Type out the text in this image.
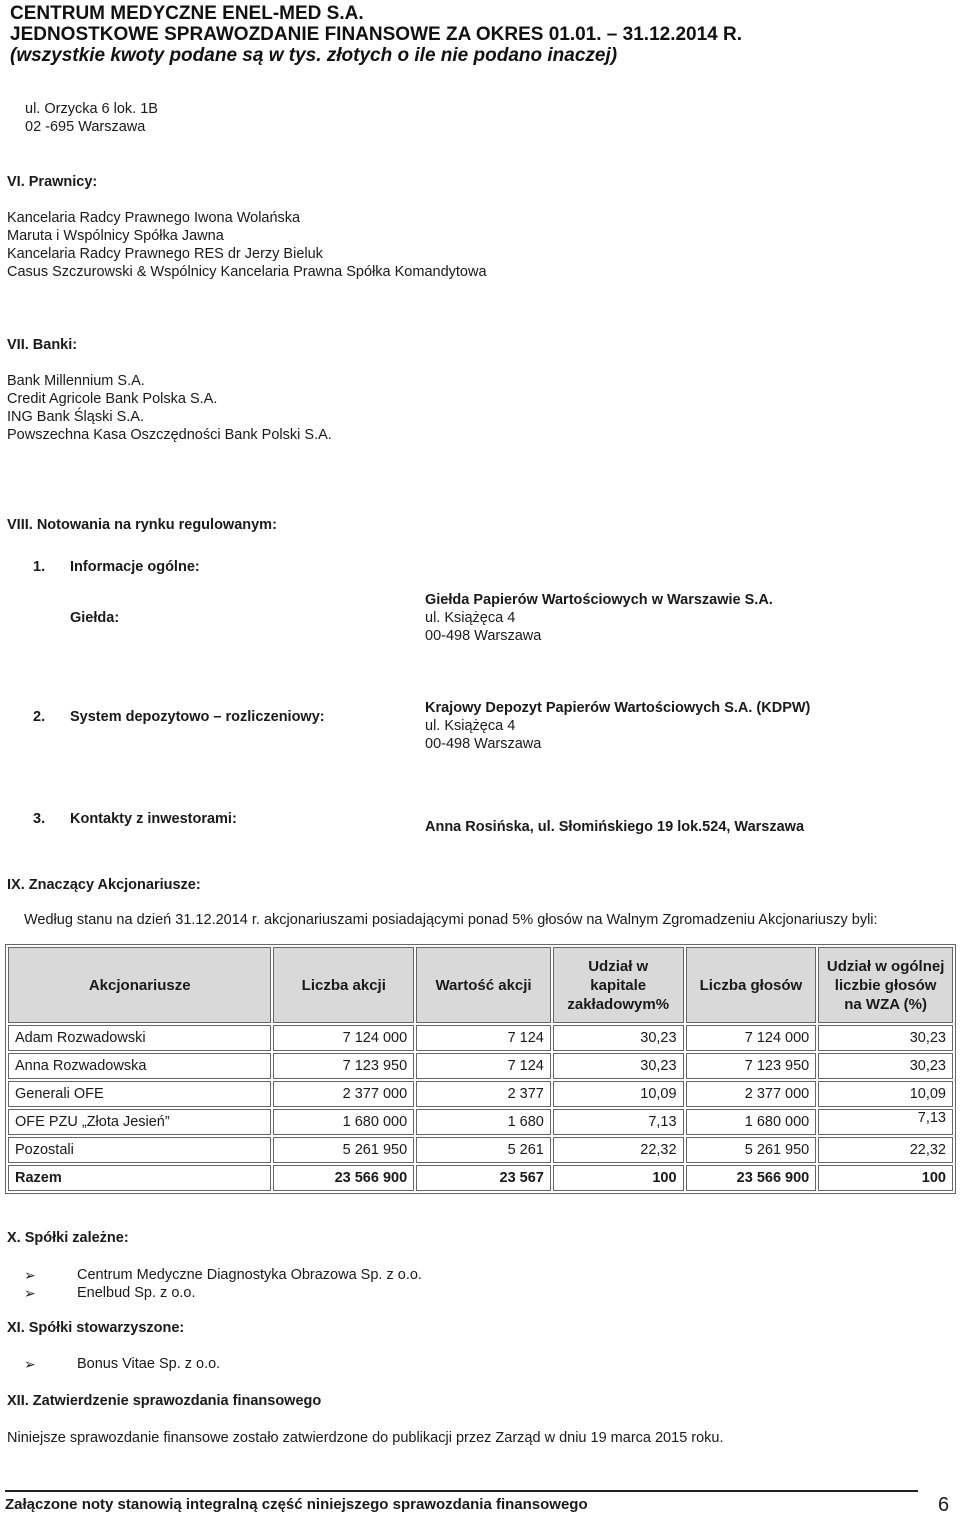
CENTRUM MEDYCZNE ENEL-MED S.A.
JEDNOSTKOWE SPRAWOZDANIE FINANSOWE ZA OKRES 01.01. – 31.12.2014 R.
(wszystkie kwoty podane są w tys. złotych o ile nie podano inaczej)
ul. Orzycka 6 lok. 1B
02 -695 Warszawa
VI. Prawnicy:
Kancelaria Radcy Prawnego Iwona Wolańska
Maruta i Wspólnicy Spółka Jawna
Kancelaria Radcy Prawnego RES dr Jerzy Bieluk
Casus Szczurowski & Wspólnicy Kancelaria Prawna Spółka Komandytowa
VII. Banki:
Bank Millennium S.A.
Credit Agricole Bank Polska S.A.
ING Bank Śląski S.A.
Powszechna Kasa Oszczędności Bank Polski S.A.
VIII. Notowania na rynku regulowanym:
1. Informacje ogólne:
Giełda:
Giełda Papierów Wartościowych w Warszawie S.A.
ul. Książęca 4
00-498 Warszawa
2. System depozytowo – rozliczeniowy:
Krajowy Depozyt Papierów Wartościowych S.A. (KDPW)
ul. Książęca 4
00-498 Warszawa
3. Kontakty z inwestorami:	Anna Rosińska, ul. Słomińskiego 19 lok.524, Warszawa
IX. Znaczący Akcjonariusze:
Według stanu na dzień 31.12.2014 r. akcjonariuszami posiadającymi ponad 5% głosów na Walnym Zgromadzeniu Akcjonariuszy byli:
Akcjonariusze	Liczba akcji	Wartość akcji	Udział w kapitale zakładowym%	Liczba głosów	Udział w ogólnej liczbie głosów na WZA (%)
Adam Rozwadowski	7 124 000	7 124	30,23	7 124 000	30,23
Anna Rozwadowska	7 123 950	7 124	30,23	7 123 950	30,23
Generali OFE	2 377 000	2 377	10,09	2 377 000	10,09
OFE PZU „Złota Jesień”	1 680 000	1 680	7,13	1 680 000	7,13
Pozostali	5 261 950	5 261	22,32	5 261 950	22,32
Razem	23 566 900	23 567	100	23 566 900	100
X. Spółki zależne:
➢	Centrum Medyczne Diagnostyka Obrazowa Sp. z o.o.
➢	Enelbud Sp. z o.o.
XI. Spółki stowarzyszone:
➢	Bonus Vitae Sp. z o.o.
XII. Zatwierdzenie sprawozdania finansowego
Niniejsze sprawozdanie finansowe zostało zatwierdzone do publikacji przez Zarząd w dniu 19 marca 2015 roku.
Załączone noty stanowią integralną część niniejszego sprawozdania finansowego	6
